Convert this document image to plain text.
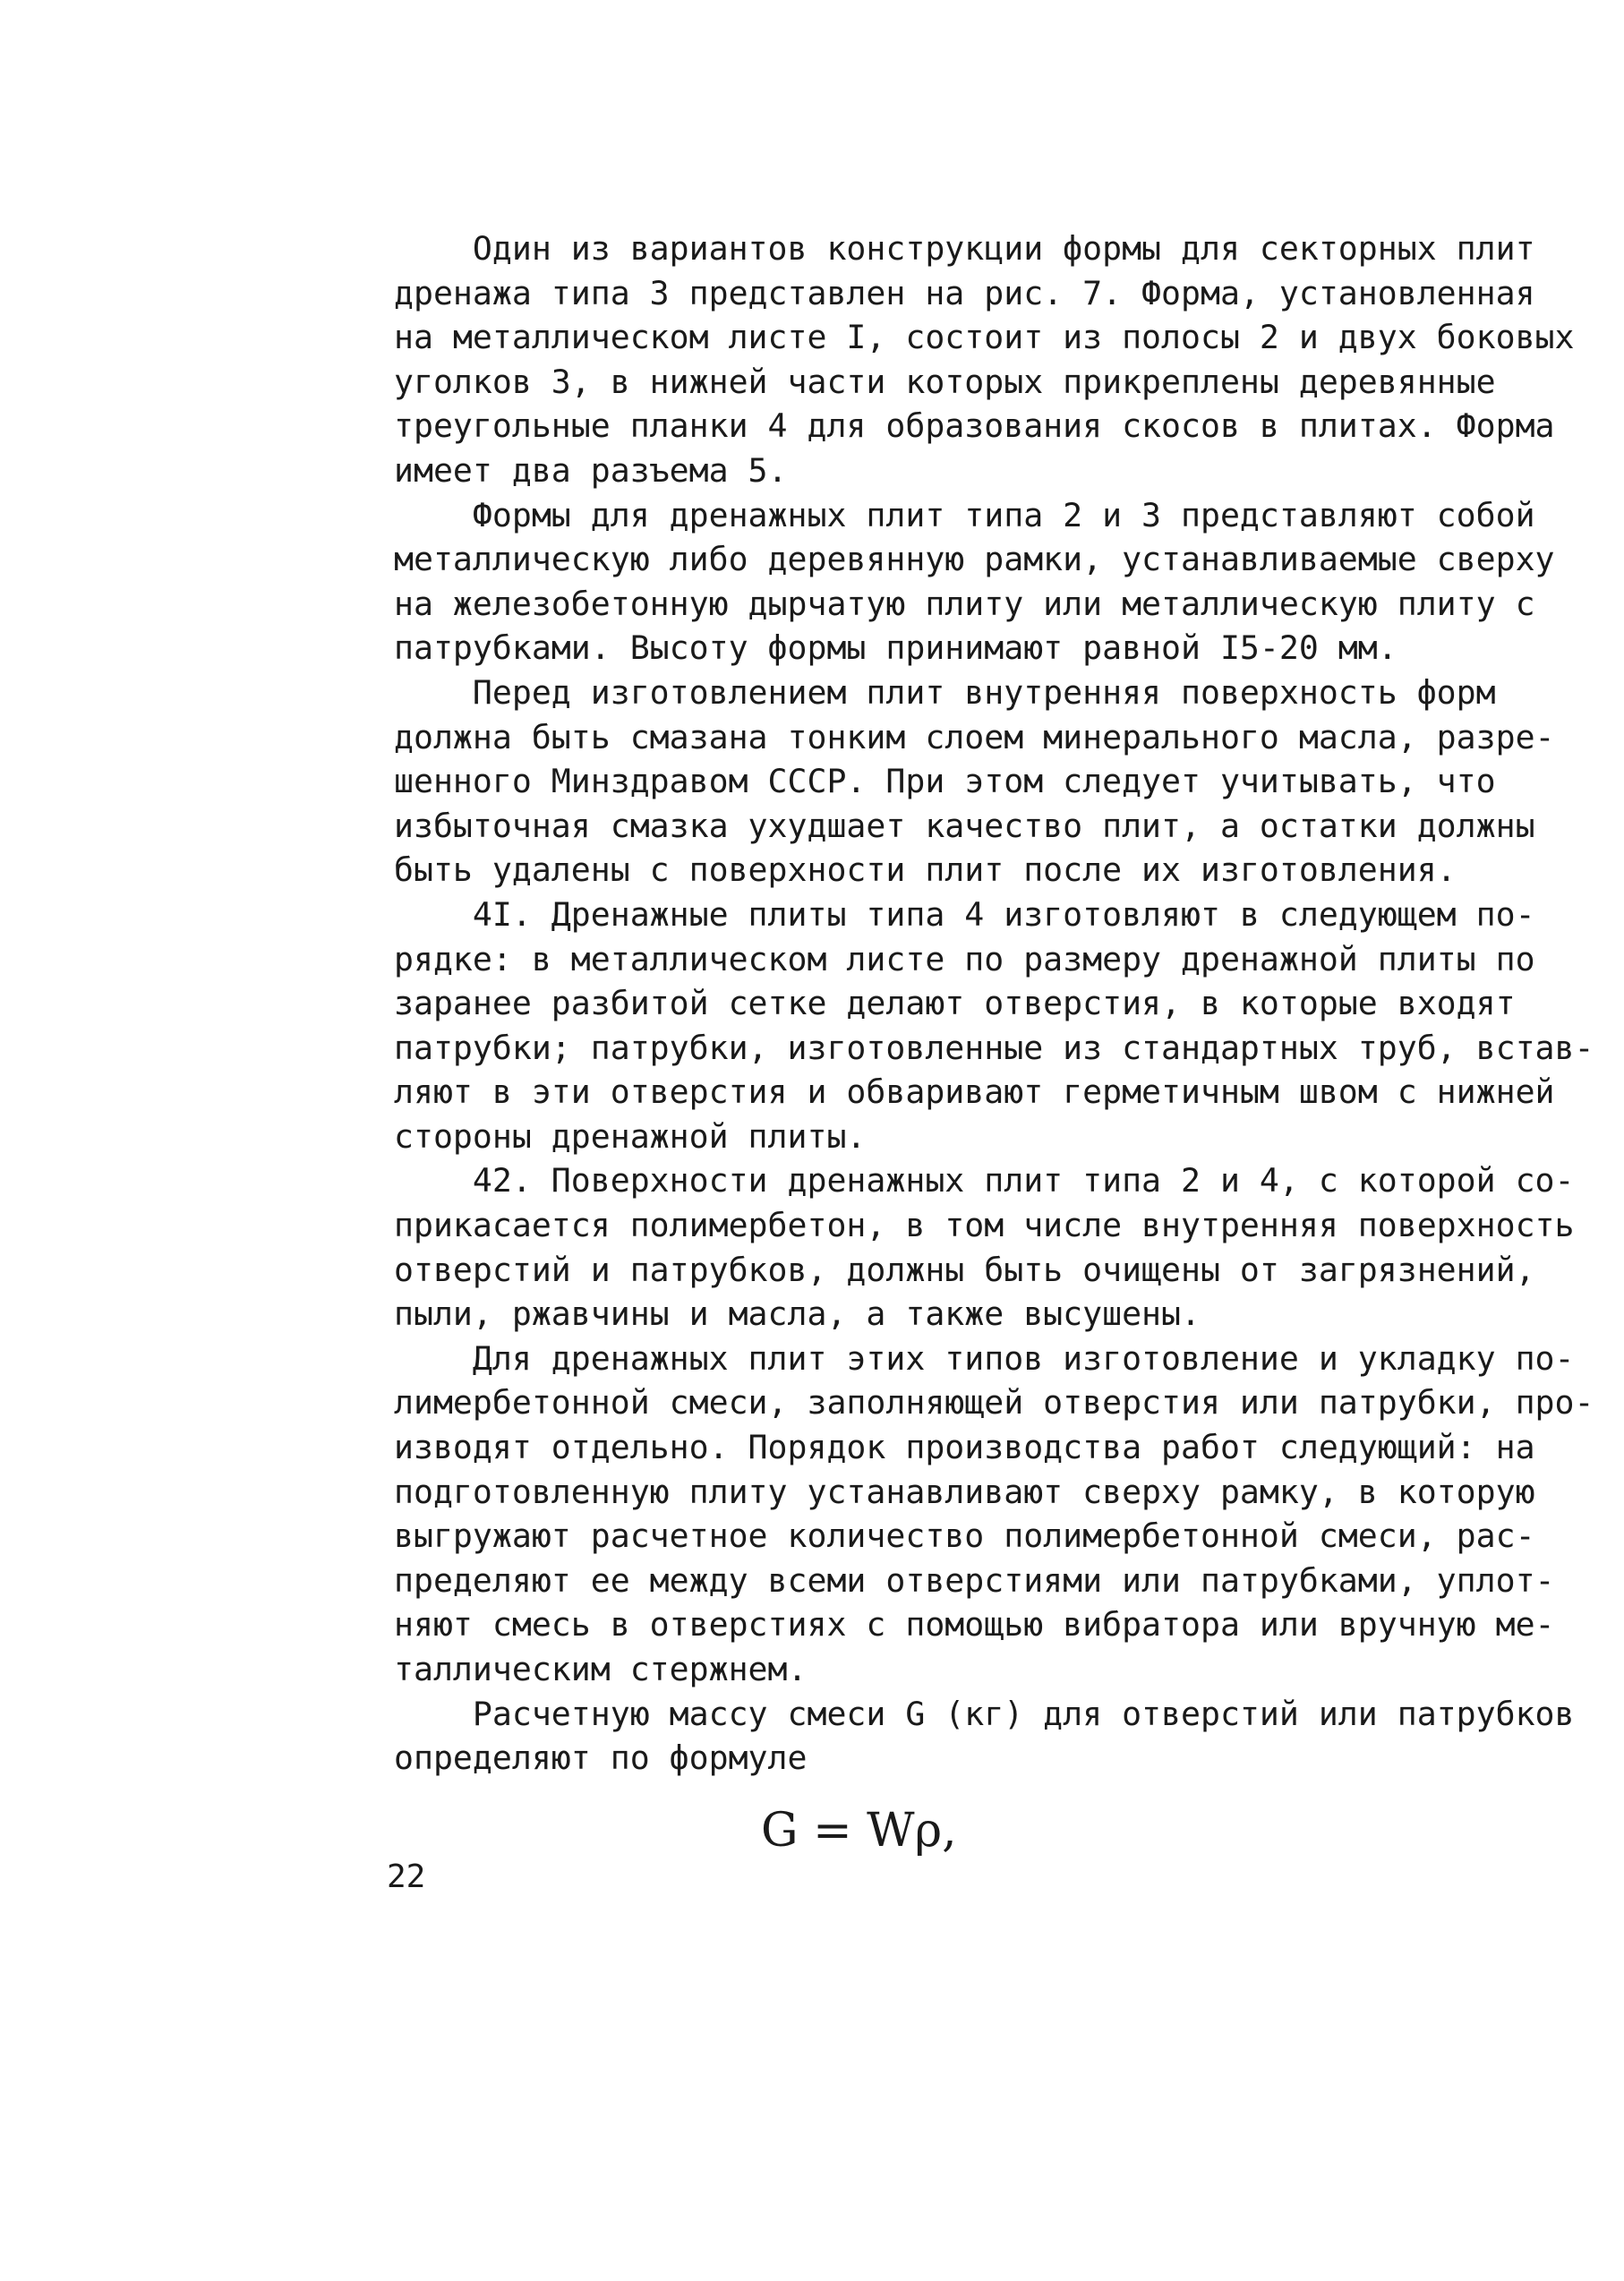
Один из вариантов конструкции формы для секторных плит
дренажа типа 3 представлен на рис. 7. Форма, установленная
на металлическом листе I, состоит из полосы 2 и двух боковых
уголков 3, в нижней части которых прикреплены деревянные
треугольные планки 4 для образования скосов в плитах. Форма
имеет два разъема 5.
Формы для дренажных плит типа 2 и 3 представляют собой
металлическую либо деревянную рамки, устанавливаемые сверху
на железобетонную дырчатую плиту или металлическую плиту с
патрубками. Высоту формы принимают равной I5-20 мм.
Перед изготовлением плит внутренняя поверхность форм
должна быть смазана тонким слоем минерального масла, разре-
шенного Минздравом СССР. При этом следует учитывать, что
избыточная смазка ухудшает качество плит, а остатки должны
быть удалены с поверхности плит после их изготовления.
4I. Дренажные плиты типа 4 изготовляют в следующем по-
рядке: в металлическом листе по размеру дренажной плиты по
заранее разбитой сетке делают отверстия, в которые входят
патрубки; патрубки, изготовленные из стандартных труб, встав-
ляют в эти отверстия и обваривают герметичным швом с нижней
стороны дренажной плиты.
42. Поверхности дренажных плит типа 2 и 4, с которой со-
прикасается полимербетон, в том числе внутренняя поверхность
отверстий и патрубков, должны быть очищены от загрязнений,
пыли, ржавчины и масла, а также высушены.
Для дренажных плит этих типов изготовление и укладку по-
лимербетонной смеси, заполняющей отверстия или патрубки, про-
изводят отдельно. Порядок производства работ следующий: на
подготовленную плиту устанавливают сверху рамку, в которую
выгружают расчетное количество полимербетонной смеси, рас-
пределяют ее между всеми отверстиями или патрубками, уплот-
няют смесь в отверстиях с помощью вибратора или вручную ме-
таллическим стержнем.
Расчетную массу смеси G (кг) для отверстий или патрубков
определяют по формуле
G = Wρ,
22
